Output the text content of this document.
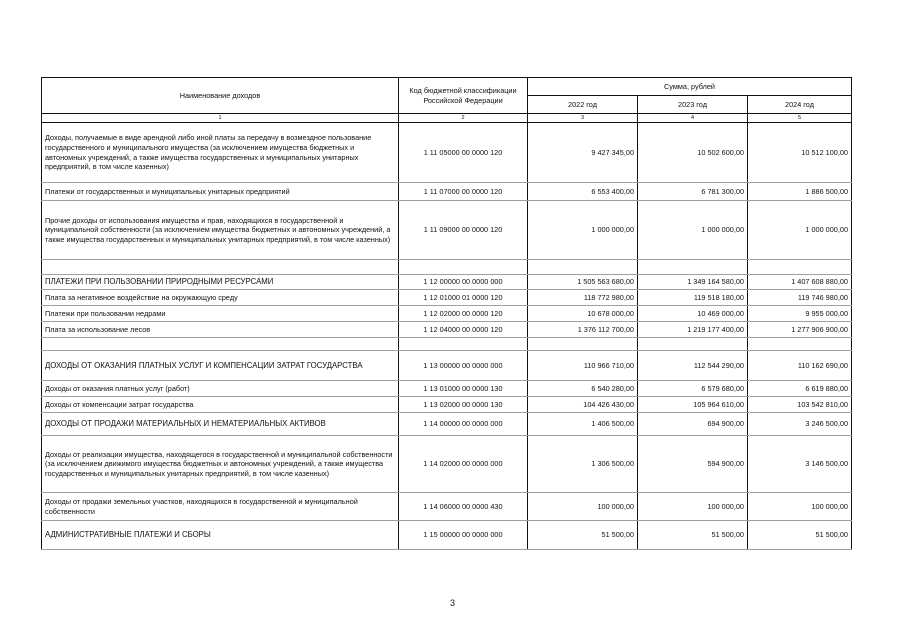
Наименование доходов	Код бюджетной классификации Российской Федерации	Сумма, рублей		
		2022 год	2023 год	2024 год
1	2	3	4	5
Доходы, получаемые в виде арендной либо иной платы за передачу в возмездное пользование государственного и муниципального имущества (за исключением имущества бюджетных и автономных учреждений, а также имущества государственных и муниципальных унитарных предприятий, в том числе казенных)	1 11 05000 00 0000 120	9 427 345,00	10 502 600,00	10 512 100,00
Платежи от государственных и муниципальных унитарных предприятий	1 11 07000 00 0000 120	6 553 400,00	6 781 300,00	1 886 500,00
Прочие доходы от использования имущества и прав, находящихся в государственной и муниципальной собственности (за исключением имущества бюджетных и автономных учреждений, а также имущества государственных и муниципальных унитарных предприятий, в том числе казенных)	1 11 09000 00 0000 120	1 000 000,00	1 000 000,00	1 000 000,00

ПЛАТЕЖИ ПРИ ПОЛЬЗОВАНИИ ПРИРОДНЫМИ РЕСУРСАМИ	1 12 00000 00 0000 000	1 505 563 680,00	1 349 164 580,00	1 407 608 880,00
Плата за негативное воздействие на окружающую среду	1 12 01000 01 0000 120	118 772 980,00	119 518 180,00	119 746 980,00
Платежи при пользовании недрами	1 12 02000 00 0000 120	10 678 000,00	10 469 000,00	9 955 000,00
Плата за использование лесов	1 12 04000 00 0000 120	1 376 112 700,00	1 219 177 400,00	1 277 906 900,00

ДОХОДЫ ОТ ОКАЗАНИЯ ПЛАТНЫХ УСЛУГ И КОМПЕНСАЦИИ ЗАТРАТ ГОСУДАРСТВА	1 13 00000 00 0000 000	110 966 710,00	112 544 290,00	110 162 690,00
Доходы от оказания платных услуг (работ)	1 13 01000 00 0000 130	6 540 280,00	6 579 680,00	6 619 880,00
Доходы от компенсации затрат государства	1 13 02000 00 0000 130	104 426 430,00	105 964 610,00	103 542 810,00
ДОХОДЫ ОТ ПРОДАЖИ МАТЕРИАЛЬНЫХ И НЕМАТЕРИАЛЬНЫХ АКТИВОВ	1 14 00000 00 0000 000	1 406 500,00	694 900,00	3 246 500,00
Доходы от реализации имущества, находящегося в государственной и муниципальной собственности (за исключением движимого имущества бюджетных и автономных учреждений, а также имущества государственных и муниципальных унитарных предприятий, в том числе казенных)	1 14 02000 00 0000 000	1 306 500,00	594 900,00	3 146 500,00
Доходы от продажи земельных участков, находящихся в государственной и муниципальной собственности	1 14 06000 00 0000 430	100 000,00	100 000,00	100 000,00
АДМИНИСТРАТИВНЫЕ ПЛАТЕЖИ И СБОРЫ	1 15 00000 00 0000 000	51 500,00	51 500,00	51 500,00
3
